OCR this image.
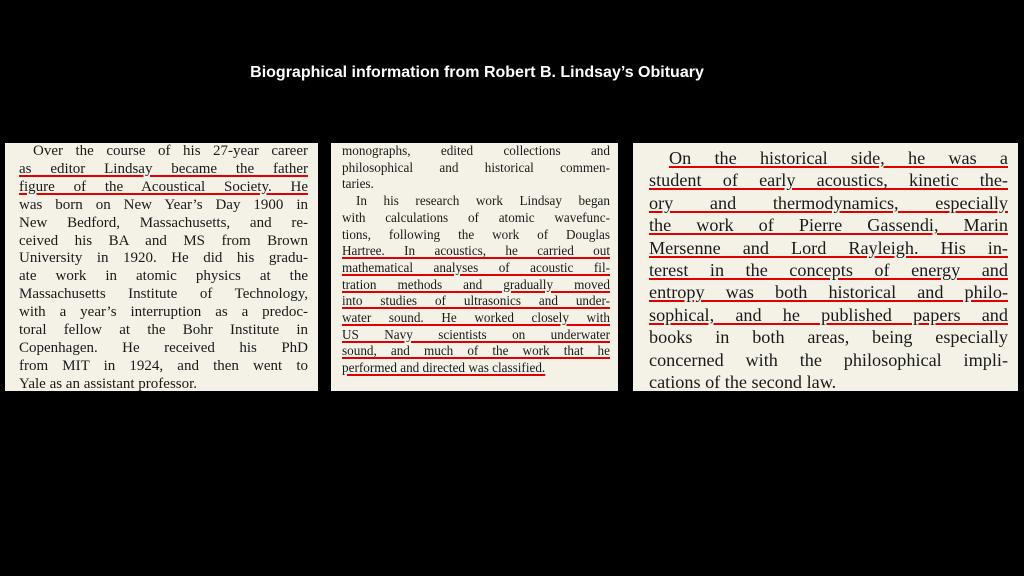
Biographical information from Robert B. Lindsay’s Obituary
Over the course of his 27-year career
as editor Lindsay became the father
figure of the Acoustical Society. He
was born on New Year’s Day 1900 in
New Bedford, Massachusetts, and re-
ceived his BA and MS from Brown
University in 1920. He did his gradu-
ate work in atomic physics at the
Massachusetts Institute of Technology,
with a year’s interruption as a predoc-
toral fellow at the Bohr Institute in
Copenhagen. He received his PhD
from MIT in 1924, and then went to
Yale as an assistant professor.
monographs, edited collections and
philosophical and historical commen-
taries.
In his research work Lindsay began
with calculations of atomic wavefunc-
tions, following the work of Douglas
Hartree. In acoustics, he carried out
mathematical analyses of acoustic fil-
tration methods and gradually moved
into studies of ultrasonics and under-
water sound. He worked closely with
US Navy scientists on underwater
sound, and much of the work that he
performed and directed was classified.
On the historical side, he was a
student of early acoustics, kinetic the-
ory and thermodynamics, especially
the work of Pierre Gassendi, Marin
Mersenne and Lord Rayleigh. His in-
terest in the concepts of energy and
entropy was both historical and philo-
sophical, and he published papers and
books in both areas, being especially
concerned with the philosophical impli-
cations of the second law.
